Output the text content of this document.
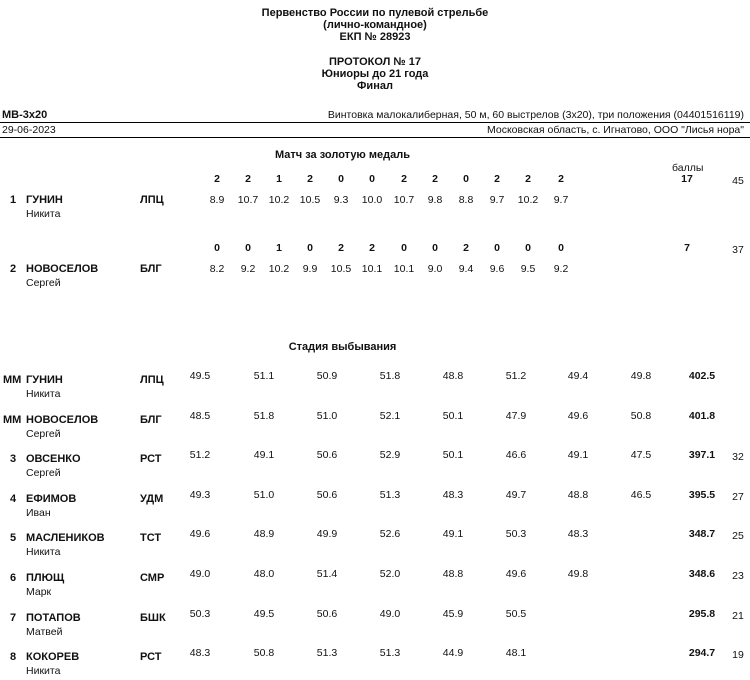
Первенство России по пулевой стрельбе
(лично-командное)
ЕКП № 28923
ПРОТОКОЛ № 17
Юниоры до 21 года
Финал
МВ-3х20	Винтовка малокалиберная, 50 м, 60 выстрелов (3х20), три положения (04401516119)
29-06-2023	Московская область, с. Игнатово, ООО "Лисья нора"
Матч за золотую медаль
баллы
1 ГУНИН
Никита
ЛПЦ
2	2	1	2	0	0	2	2	0	2	2	2
8.9	10.7	10.2	10.5	9.3	10.0	10.7	9.8	8.8	9.7	10.2	9.7
17	45
2 НОВОСЕЛОВ
Сергей
БЛГ
0	0	1	0	2	2	0	0	2	0	0	0
8.2	9.2	10.2	9.9	10.5	10.1	10.1	9.0	9.4	9.6	9.5	9.2
7	37
Стадия выбывания
ММ ГУНИН
Никита
ЛПЦ	49.5	51.1	50.9	51.8	48.8	51.2	49.4	49.8	402.5
ММ НОВОСЕЛОВ
Сергей
БЛГ	48.5	51.8	51.0	52.1	50.1	47.9	49.6	50.8	401.8
3 ОВСЕНКО
Сергей
РСТ	51.2	49.1	50.6	52.9	50.1	46.6	49.1	47.5	397.1	32
4 ЕФИМОВ
Иван
УДМ	49.3	51.0	50.6	51.3	48.3	49.7	48.8	46.5	395.5	27
5 МАСЛЕНИКОВ
Никита
ТСТ	49.6	48.9	49.9	52.6	49.1	50.3	48.3	348.7	25
6 ПЛЮЩ
Марк
СМР	49.0	48.0	51.4	52.0	48.8	49.6	49.8	348.6	23
7 ПОТАПОВ
Матвей
БШК	50.3	49.5	50.6	49.0	45.9	50.5	295.8	21
8 КОКОРЕВ
Никита
РСТ	48.3	50.8	51.3	51.3	44.9	48.1	294.7	19
